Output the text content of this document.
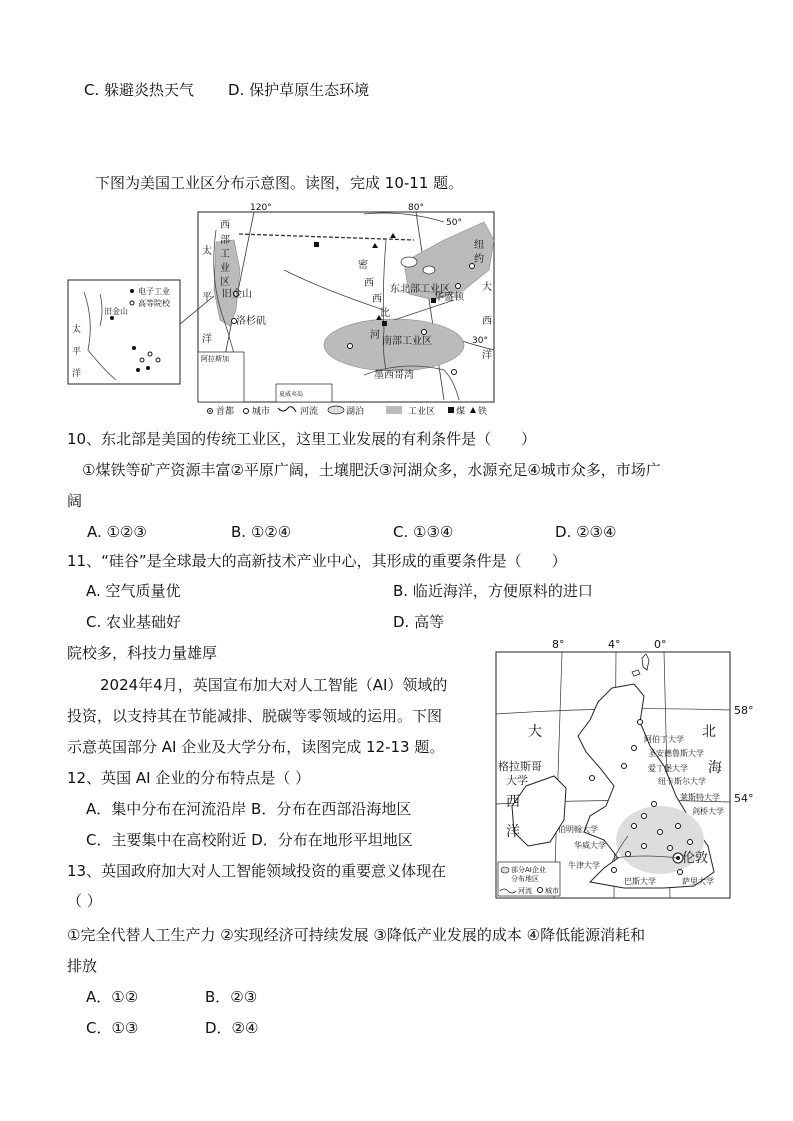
C. 躲避炎热天气 D. 保护草原生态环境
下图为美国工业区分布示意图。读图，完成 10-11 题。
120°	80°
50°
30°
西
部
工
业
区
太
平
洋
旧金山
洛杉矶
密
西
西
比
河
东北部工业区
华盛顿
纽
约
大
西
洋
南部工业区
墨西哥湾
阿拉斯加
夏威夷岛
电子工业
高等院校
旧金山
太
平
洋
首都 城市	河流	湖泊	工业区 煤 铁
10、东北部是美国的传统工业区，这里工业发展的有利条件是（　　）
①煤铁等矿产资源丰富②平原广阔，土壤肥沃③河湖众多，水源充足④城市众多，市场广
阔
A. ①②③	B. ①②④	C. ①③④	D. ②③④
11、“硅谷”是全球最大的高新技术产业中心，其形成的重要条件是（　　）
A. 空气质量优	B. 临近海洋，方便原料的进口
C. 农业基础好	D. 高等
院校多，科技力量雄厚
2024年4月，英国宣布加大对人工智能（AI）领域的
投资，以支持其在节能减排、脱碳等零领域的运用。下图
示意英国部分 AI 企业及大学分布，读图完成 12-13 题。
12、英国 AI 企业的分布特点是（ ）
A．集中分布在河流沿岸 B．分布在西部沿海地区
C．主要集中在高校附近 D．分布在地形平坦地区
13、英国政府加大对人工智能领域投资的重要意义体现在
（ ）
①完全代替人工生产力 ②实现经济可持续发展 ③降低产业发展的成本 ④降低能源消耗和
排放
A．①②	B．②③
C．①③	D．②④
8°	4°	0°
58°
54°
大
西
洋
北
海
格拉斯哥
大学
阿伯丁大学
圣安德鲁斯大学
爱丁堡大学
纽卡斯尔大学
莱斯特大学
剑桥大学
伯明翰大学
华威大学
牛津大学	伦敦
巴斯大学	萨里大学
部分AI企业
分布地区
河流 城市
